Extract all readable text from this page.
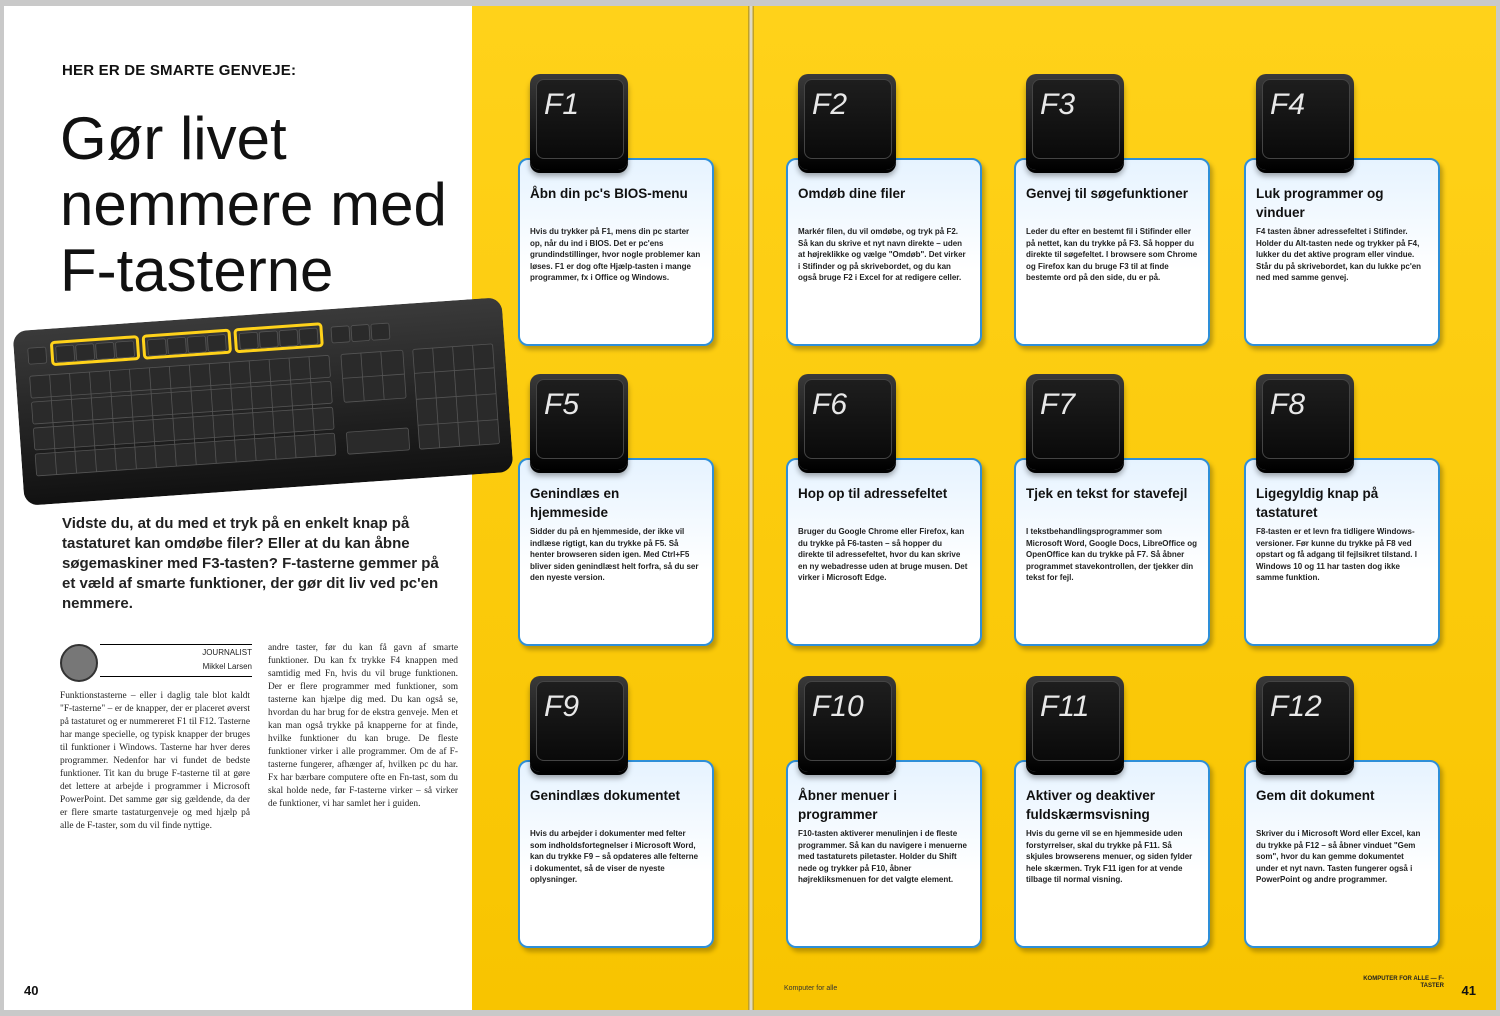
HER ER DE SMARTE GENVEJE:
Gør livet
nemmere med
F-tasterne
Vidste du, at du med et tryk på en enkelt knap på tastaturet kan omdøbe filer? Eller at du kan åbne søgemaskiner med F3-tasten? F-tasterne gemmer på et væld af smarte funktioner, der gør dit liv ved pc'en nemmere.
JOURNALIST
Mikkel Larsen
Funktionstasterne – eller i daglig tale blot kaldt "F-tasterne" – er de knapper, der er placeret øverst på tastaturet og er nummereret F1 til F12. Tasterne har mange specielle, og typisk knapper der bruges til funktioner i Windows. Tasterne har hver deres programmer. Nedenfor har vi fundet de bedste funktioner. Tit kan du bruge F-tasterne til at gøre det lettere at arbejde i programmer i Microsoft PowerPoint. Det samme gør sig gældende, da der er flere smarte tastaturgenveje og med hjælp på alle de F-taster, som du vil finde nyttige.
andre taster, før du kan få gavn af smarte funktioner. Du kan fx trykke F4 knappen med samtidig med Fn, hvis du vil bruge funktionen. Der er flere programmer med funktioner, som tasterne kan hjælpe dig med. Du kan også se, hvordan du har brug for de ekstra genveje. Men et kan man også trykke på knapperne for at finde, hvilke funktioner du kan bruge. De fleste funktioner virker i alle programmer. Om de af F-tasterne fungerer, afhænger af, hvilken pc du har. Fx har bærbare computere ofte en Fn-tast, som du skal holde nede, før F-tasterne virker – så virker de funktioner, vi har samlet her i guiden.
40	41
Komputer for alle
KOMPUTER FOR ALLE — F-TASTER
F1
Åbn din pc's BIOS-menu

Hvis du trykker på F1, mens din pc starter op, når du ind i BIOS. Det er pc'ens grundindstillinger, hvor nogle problemer kan løses. F1 er dog ofte Hjælp-tasten i mange programmer, fx i Office og Windows.

F2
Omdøb dine filer

Markér filen, du vil omdøbe, og tryk på F2. Så kan du skrive et nyt navn direkte – uden at højreklikke og vælge "Omdøb". Det virker i Stifinder og på skrivebordet, og du kan også bruge F2 i Excel for at redigere celler.

F3
Genvej til søgefunktioner

Leder du efter en bestemt fil i Stifinder eller på nettet, kan du trykke på F3. Så hopper du direkte til søgefeltet. I browsere som Chrome og Firefox kan du bruge F3 til at finde bestemte ord på den side, du er på.

F4
Luk programmer og vinduer

F4 tasten åbner adressefeltet i Stifinder. Holder du Alt-tasten nede og trykker på F4, lukker du det aktive program eller vindue. Står du på skrivebordet, kan du lukke pc'en ned med samme genvej.

F5
Genindlæs en hjemmeside

Sidder du på en hjemmeside, der ikke vil indlæse rigtigt, kan du trykke på F5. Så henter browseren siden igen. Med Ctrl+F5 bliver siden genindlæst helt forfra, så du ser den nyeste version.

F6
Hop op til adressefeltet

Bruger du Google Chrome eller Firefox, kan du trykke på F6-tasten – så hopper du direkte til adressefeltet, hvor du kan skrive en ny webadresse uden at bruge musen. Det virker i Microsoft Edge.

F7
Tjek en tekst for stavefejl

I tekstbehandlingsprogrammer som Microsoft Word, Google Docs, LibreOffice og OpenOffice kan du trykke på F7. Så åbner programmet stavekontrollen, der tjekker din tekst for fejl.

F8
Ligegyldig knap på tastaturet

F8-tasten er et levn fra tidligere Windows-versioner. Før kunne du trykke på F8 ved opstart og få adgang til fejlsikret tilstand. I Windows 10 og 11 har tasten dog ikke samme funktion.

F9
Genindlæs dokumentet

Hvis du arbejder i dokumenter med felter som indholdsfortegnelser i Microsoft Word, kan du trykke F9 – så opdateres alle felterne i dokumentet, så de viser de nyeste oplysninger.

F10
Åbner menuer i programmer

F10-tasten aktiverer menulinjen i de fleste programmer. Så kan du navigere i menuerne med tastaturets piletaster. Holder du Shift nede og trykker på F10, åbner højrekliksmenuen for det valgte element.

F11
Aktiver og deaktiver fuldskærmsvisning

Hvis du gerne vil se en hjemmeside uden forstyrrelser, skal du trykke på F11. Så skjules browserens menuer, og siden fylder hele skærmen. Tryk F11 igen for at vende tilbage til normal visning.

F12
Gem dit dokument

Skriver du i Microsoft Word eller Excel, kan du trykke på F12 – så åbner vinduet "Gem som", hvor du kan gemme dokumentet under et nyt navn. Tasten fungerer også i PowerPoint og andre programmer.
